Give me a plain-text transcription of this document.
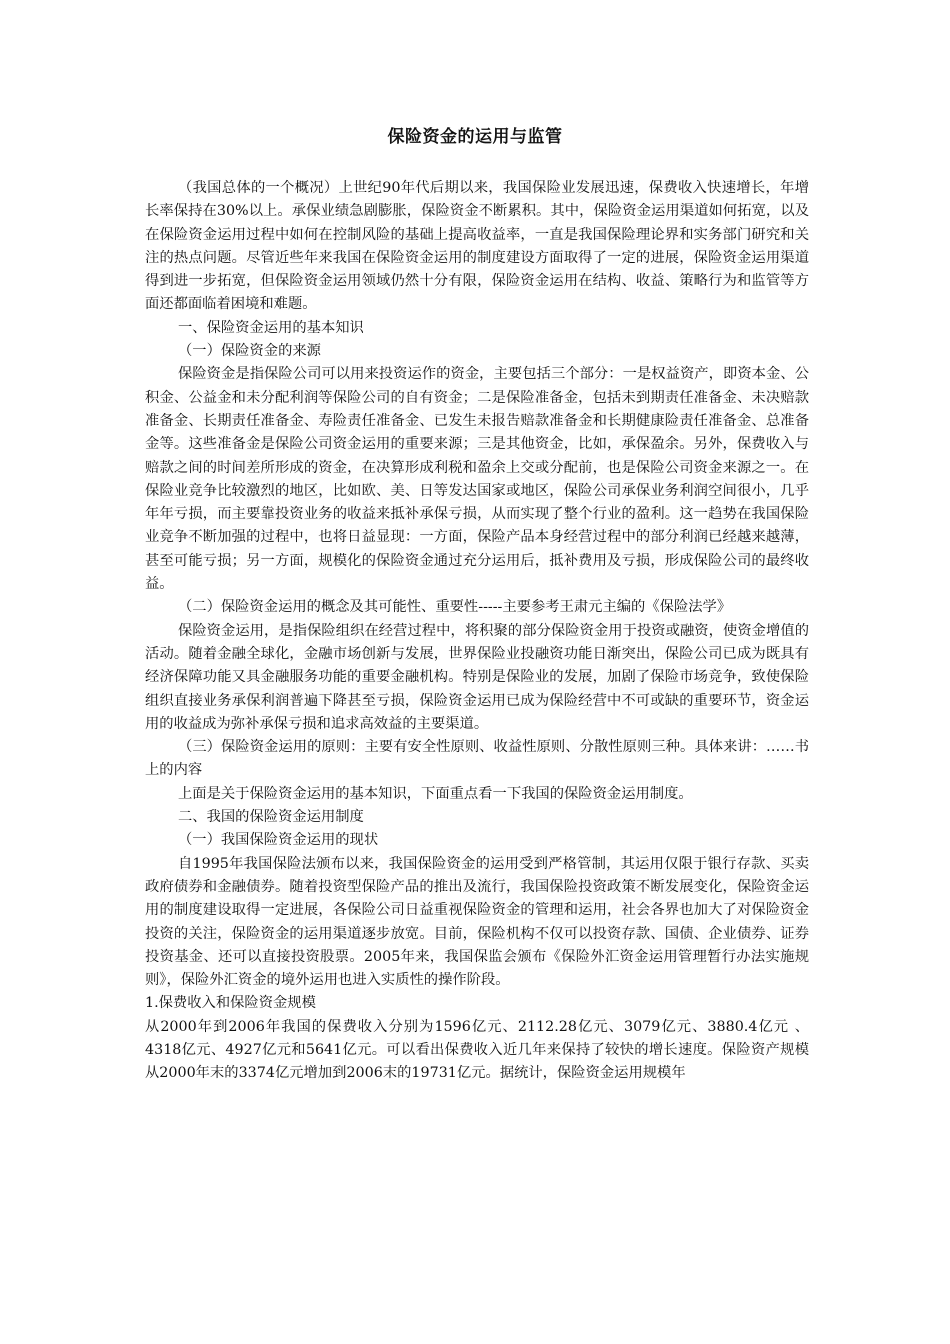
保险资金的运用与监管

（我国总体的一个概况）上世纪90年代后期以来，我国保险业发展迅速，保费收入快速增长，年增长率保持在30%以上。承保业绩急剧膨胀，保险资金不断累积。其中，保险资金运用渠道如何拓宽，以及在保险资金运用过程中如何在控制风险的基础上提高收益率，一直是我国保险理论界和实务部门研究和关注的热点问题。尽管近些年来我国在保险资金运用的制度建设方面取得了一定的进展，保险资金运用渠道得到进一步拓宽，但保险资金运用领域仍然十分有限，保险资金运用在结构、收益、策略行为和监管等方面还都面临着困境和难题。

一、保险资金运用的基本知识

（一）保险资金的来源

保险资金是指保险公司可以用来投资运作的资金，主要包括三个部分：一是权益资产，即资本金、公积金、公益金和未分配利润等保险公司的自有资金；二是保险准备金，包括未到期责任准备金、未决赔款准备金、长期责任准备金、寿险责任准备金、已发生未报告赔款准备金和长期健康险责任准备金、总准备金等。这些准备金是保险公司资金运用的重要来源；三是其他资金，比如，承保盈余。另外，保费收入与赔款之间的时间差所形成的资金，在决算形成利税和盈余上交或分配前，也是保险公司资金来源之一。在保险业竞争比较激烈的地区，比如欧、美、日等发达国家或地区，保险公司承保业务利润空间很小，几乎年年亏损，而主要靠投资业务的收益来抵补承保亏损，从而实现了整个行业的盈利。这一趋势在我国保险业竞争不断加强的过程中，也将日益显现：一方面，保险产品本身经营过程中的部分利润已经越来越薄，甚至可能亏损；另一方面，规模化的保险资金通过充分运用后，抵补费用及亏损，形成保险公司的最终收益。

（二）保险资金运用的概念及其可能性、重要性-----主要参考王肃元主编的《保险法学》

保险资金运用，是指保险组织在经营过程中，将积聚的部分保险资金用于投资或融资，使资金增值的活动。随着金融全球化，金融市场创新与发展，世界保险业投融资功能日渐突出，保险公司已成为既具有经济保障功能又具金融服务功能的重要金融机构。特别是保险业的发展，加剧了保险市场竞争，致使保险组织直接业务承保利润普遍下降甚至亏损，保险资金运用已成为保险经营中不可或缺的重要环节，资金运用的收益成为弥补承保亏损和追求高效益的主要渠道。

（三）保险资金运用的原则：主要有安全性原则、收益性原则、分散性原则三种。具体来讲：……书上的内容

上面是关于保险资金运用的基本知识，下面重点看一下我国的保险资金运用制度。

二、我国的保险资金运用制度

（一）我国保险资金运用的现状

自1995年我国保险法颁布以来，我国保险资金的运用受到严格管制，其运用仅限于银行存款、买卖政府债券和金融债券。随着投资型保险产品的推出及流行，我国保险投资政策不断发展变化，保险资金运用的制度建设取得一定进展，各保险公司日益重视保险资金的管理和运用，社会各界也加大了对保险资金投资的关注，保险资金的运用渠道逐步放宽。目前，保险机构不仅可以投资存款、国债、企业债券、证券投资基金、还可以直接投资股票。2005年来，我国保监会颁布《保险外汇资金运用管理暂行办法实施规则》，保险外汇资金的境外运用也进入实质性的操作阶段。

1.保费收入和保险资金规模

从2000年到2006年我国的保费收入分别为1596亿元、2112.28亿元、3079亿元、3880.4亿元 、4318亿元、4927亿元和5641亿元。可以看出保费收入近几年来保持了较快的增长速度。保险资产规模从2000年末的3374亿元增加到2006末的19731亿元。据统计，保险资金运用规模年
